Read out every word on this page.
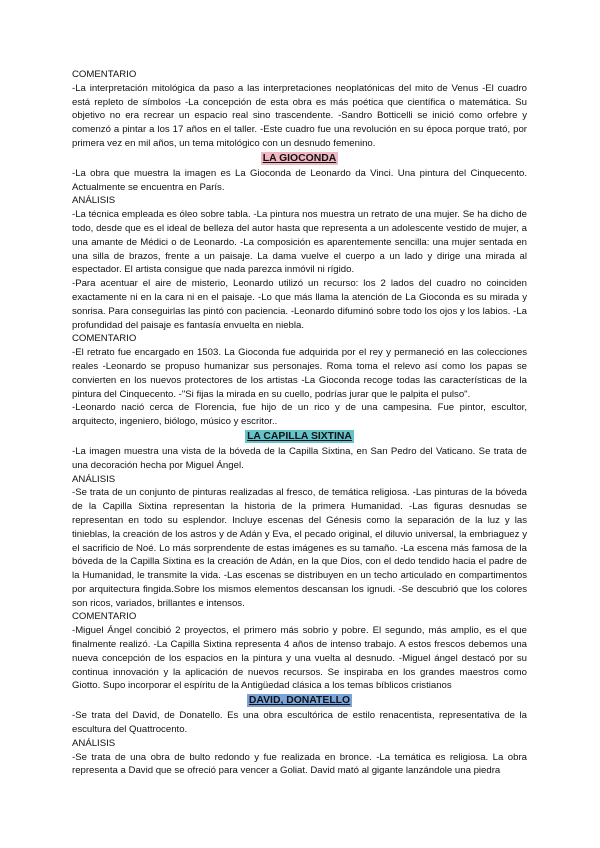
COMENTARIO
-La interpretación mitológica da paso a las interpretaciones neoplatónicas del mito de Venus -El cuadro está repleto de símbolos -La concepción de esta obra es más poética que científica o matemática. Su objetivo no era recrear un espacio real sino trascendente. -Sandro Botticelli se inició como orfebre y comenzó a pintar a los 17 años en el taller. -Este cuadro fue una revolución en su época porque trató, por primera vez en mil años, un tema mitológico con un desnudo femenino.
LA GIOCONDA
-La obra que muestra la imagen es La Gioconda de Leonardo da Vinci. Una pintura del Cinquecento. Actualmente se encuentra en París.
ANÁLISIS
-La técnica empleada es óleo sobre tabla. -La pintura nos muestra un retrato de una mujer. Se ha dicho de todo, desde que es el ideal de belleza del autor hasta que representa a un adolescente vestido de mujer, a una amante de Médici o de Leonardo. -La composición es aparentemente sencilla: una mujer sentada en una silla de brazos, frente a un paisaje. La dama vuelve el cuerpo a un lado y dirige una mirada al espectador. El artista consigue que nada parezca inmóvil ni rígido.
-Para acentuar el aire de misterio, Leonardo utilizó un recurso: los 2 lados del cuadro no coinciden exactamente ni en la cara ni en el paisaje. -Lo que más llama la atención de La Gioconda es su mirada y sonrisa. Para conseguirlas las pintó con paciencia. -Leonardo difuminó sobre todo los ojos y los labios. -La profundidad del paisaje es fantasía envuelta en niebla.
COMENTARIO
-El retrato fue encargado en 1503. La Gioconda fue adquirida por el rey y permaneció en las colecciones reales -Leonardo se propuso humanizar sus personajes. Roma toma el relevo así como los papas se convierten en los nuevos protectores de los artistas -La Gioconda recoge todas las características de la pintura del Cinquecento. -"Si fijas la mirada en su cuello, podrías jurar que le palpita el pulso".
-Leonardo nació cerca de Florencia, fue hijo de un rico y de una campesina. Fue pintor, escultor, arquitecto, ingeniero, biólogo, músico y escritor..
LA CAPILLA SIXTINA
-La imagen muestra una vista de la bóveda de la Capilla Sixtina, en San Pedro del Vaticano. Se trata de una decoración hecha por Miguel Ángel.
ANÁLISIS
-Se trata de un conjunto de pinturas realizadas al fresco, de temática religiosa. -Las pinturas de la bóveda de la Capilla Sixtina representan la historia de la primera Humanidad. -Las figuras desnudas se representan en todo su esplendor. Incluye escenas del Génesis como la separación de la luz y las tinieblas, la creación de los astros y de Adán y Eva, el pecado original, el diluvio universal, la embriaguez y el sacrificio de Noé. Lo más sorprendente de estas imágenes es su tamaño. -La escena más famosa de la bóveda de la Capilla Sixtina es la creación de Adán, en la que Dios, con el dedo tendido hacia el padre de la Humanidad, le transmite la vida. -Las escenas se distribuyen en un techo articulado en compartimentos por arquitectura fingida.Sobre los mismos elementos descansan los ignudi. -Se descubrió que los colores son ricos, variados, brillantes e intensos.
COMENTARIO
-Miguel Ángel concibió 2 proyectos, el primero más sobrio y pobre. El segundo, más amplio, es el que finalmente realizó. -La Capilla Sixtina representa 4 años de intenso trabajo. A estos frescos debemos una nueva concepción de los espacios en la pintura y una vuelta al desnudo. -Miguel ángel destacó por su continua innovación y la aplicación de nuevos recursos. Se inspiraba en los grandes maestros como Giotto. Supo incorporar el espíritu de la Antigüedad clásica a los temas bíblicos cristianos
DAVID, DONATELLO
-Se trata del David, de Donatello. Es una obra escultórica de estilo renacentista, representativa de la escultura del Quattrocento.
ANÁLISIS
-Se trata de una obra de bulto redondo y fue realizada en bronce. -La temática es religiosa. La obra representa a David que se ofreció para vencer a Goliat. David mató al gigante lanzándole una piedra
